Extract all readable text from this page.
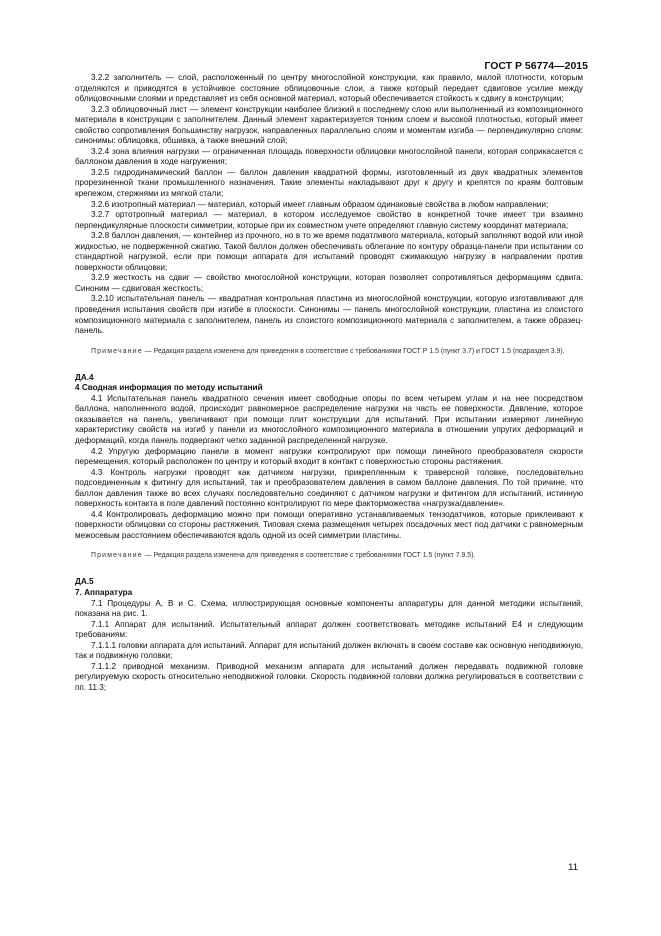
ГОСТ Р 56774—2015

3.2.2 заполнитель — слой, расположенный по центру многослойной конструкции, как правило, малой плотности, которым отделяются и приводятся в устойчивое состояние облицовочные слои, а также который передает сдвиговое усилие между облицовочными слоями и представляет из себя основной материал, который обеспечивается стойкость к сдвигу в конструкции;

3.2.3 облицовочный лист — элемент конструкции наиболее близкий к последнему слою или выполненный из композиционного материала в конструкции с заполнителем. Данный элемент характеризуется тонким слоем и высокой плотностью, который имеет свойство сопротивления большинству нагрузок, направленных параллельно слоям и моментам изгиба — перпендикулярно слоям: синонимы: облицовка, обшивка, а также внешний слой;

3.2.4 зона влияния нагрузки — ограниченная площадь поверхности облицовки многослойной панели, которая соприкасается с баллоном давления в ходе нагружения;

3.2.5 гидродинамический баллон — баллон давления квадратной формы, изготовленный из двух квадратных элементов прорезиненной ткани промышленного назначения. Такие элементы накладывают друг к другу и крепятся по краям болтовым крепежом, стержнями из мягкой стали;

3.2.6 изотропный материал — материал, который имеет главным образом одинаковые свойства в любом направлении;

3.2.7 ортотропный материал — материал, в котором исследуемое свойство в конкретной точке имеет три взаимно перпендикулярные плоскости симметрии, которые при их совместном учете определяют главную систему координат материала;

3.2.8 баллон давления, — контейнер из прочного, но в то же время податливого материала, который заполняют водой или иной жидкостью, не подверженной сжатию. Такой баллон должен обеспечивать облегание по контуру образца-панели при испытании со стандартной нагрузкой, если при помощи аппарата для испытаний проводят сжимающую нагрузку в направлении против поверхности облицовки;

3.2.9 жесткость на сдвиг — свойство многослойной конструкции, которая позволяет сопротивляться деформациям сдвига. Синоним — сдвиговая жесткость;

3.2.10 испытательная панель — квадратная контрольная пластина из многослойной конструкции, которую изготавливают для проведения испытания свойств при изгибе в плоскости. Синонимы — панель многослойной конструкции, пластина из слоистого композиционного материала с заполнителем, панель из слоистого композиционного материала с заполнителем, а также образец-панель.

Примечание — Редакция раздела изменена для приведения в соответствие с требованиями ГОСТ Р 1.5 (пункт 3.7) и ГОСТ 1.5 (подраздел 3.9).

ДА.4

4 Сводная информация по методу испытаний

4.1 Испытательная панель квадратного сечения имеет свободные опоры по всем четырем углам и на нее посредством баллона, наполненного водой, происходит равномерное распределение нагрузки на часть ее поверхности. Давление, которое оказывается на панель, увеличивают при помощи плит конструкции для испытаний. При испытании измеряют линейную характеристику свойств на изгиб у панели из многослойного композиционного материала в отношении упругих деформаций и деформаций, когда панель подвергают четко заданной распределенной нагрузке.

4.2 Упругую деформацию панели в момент нагрузки контролируют при помощи линейного преобразователя скорости перемещения, который расположен по центру и который входит в контакт с поверхностью стороны растяжения.

4.3 Контроль нагрузки проводят как датчиком нагрузки, прикрепленным к траверсной головке, последовательно подсоединенным к фитингу для испытаний, так и преобразователем давления в самом баллоне давления. По той причине, что баллон давления также во всех случаях последовательно соединяют с датчиком нагрузки и фитингом для испытаний, истинную поверхность контакта в поле давлений постоянно контролируют по мере факторможества «нагрузка/давление».

4.4 Контролировать деформацию можно при помощи оперативно устанавливаемых тензодатчиков, которые приклеивают к поверхности облицовки со стороны растяжения. Типовая схема размещения четырех посадочных мест под датчики с равномерным межосевым расстоянием обеспечиваются вдоль одной из осей симметрии пластины.

Примечание — Редакция раздела изменена для приведения в соответствие с требованиями ГОСТ 1.5 (пункт 7.9.5).

ДА.5

7. Аппаратура

7.1 Процедуры А, В и С. Схема, иллюстрирующая основные компоненты аппаратуры для данной методики испытаний, показана на рис. 1.

7.1.1 Аппарат для испытаний. Испытательный аппарат должен соответствовать методике испытаний Е4 и следующим требованиям:

7.1.1.1 головки аппарата для испытаний. Аппарат для испытаний должен включать в своем составе как основную неподвижную, так и подвижную головки;

7.1.1.2 приводной механизм. Приводной механизм аппарата для испытаний должен передавать подвижной головке регулируемую скорость относительно неподвижной головки. Скорость подвижной головки должна регулироваться в соответствии с пп. 11.3;

11
